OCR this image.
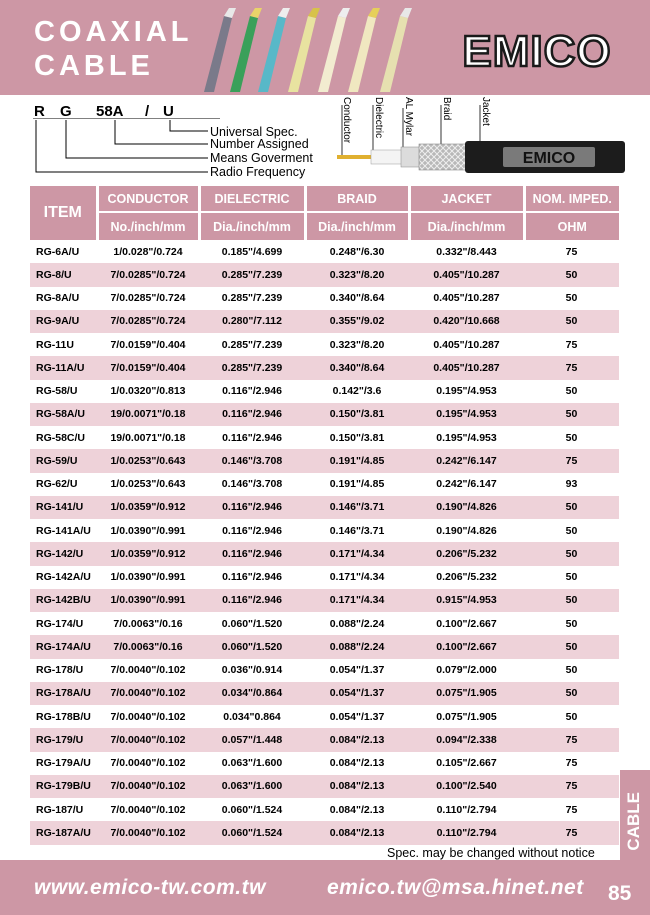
COAXIAL
CABLE	EMICO
R G 58A / U
Universal Spec.
Number Assigned
Means Goverment
Radio Frequency
Conductor Dielectric AL Mylar	Braid	Jacket
EMICO
ITEM	CONDUCTOR	DIELECTRIC	BRAID	JACKET	NOM. IMPED.
	No./inch/mm	Dia./inch/mm	Dia./inch/mm	Dia./inch/mm	OHM
RG-6A/U	1/0.028"/0.724	0.185"/4.699	0.248"/6.30	0.332"/8.443	75
RG-8/U	7/0.0285"/0.724	0.285"/7.239	0.323"/8.20	0.405"/10.287	50
RG-8A/U	7/0.0285"/0.724	0.285"/7.239	0.340"/8.64	0.405"/10.287	50
RG-9A/U	7/0.0285"/0.724	0.280"/7.112	0.355"/9.02	0.420"/10.668	50
RG-11U	7/0.0159"/0.404	0.285"/7.239	0.323"/8.20	0.405"/10.287	75
RG-11A/U	7/0.0159"/0.404	0.285"/7.239	0.340"/8.64	0.405"/10.287	75
RG-58/U	1/0.0320"/0.813	0.116"/2.946	0.142"/3.6	0.195"/4.953	50
RG-58A/U	19/0.0071"/0.18	0.116"/2.946	0.150"/3.81	0.195"/4.953	50
RG-58C/U	19/0.0071"/0.18	0.116"/2.946	0.150"/3.81	0.195"/4.953	50
RG-59/U	1/0.0253"/0.643	0.146"/3.708	0.191"/4.85	0.242"/6.147	75
RG-62/U	1/0.0253"/0.643	0.146"/3.708	0.191"/4.85	0.242"/6.147	93
RG-141/U	1/0.0359"/0.912	0.116"/2.946	0.146"/3.71	0.190"/4.826	50
RG-141A/U	1/0.0390"/0.991	0.116"/2.946	0.146"/3.71	0.190"/4.826	50
RG-142/U	1/0.0359"/0.912	0.116"/2.946	0.171"/4.34	0.206"/5.232	50
RG-142A/U	1/0.0390"/0.991	0.116"/2.946	0.171"/4.34	0.206"/5.232	50
RG-142B/U	1/0.0390"/0.991	0.116"/2.946	0.171"/4.34	0.915"/4.953	50
RG-174/U	7/0.0063"/0.16	0.060"/1.520	0.088"/2.24	0.100"/2.667	50
RG-174A/U	7/0.0063"/0.16	0.060"/1.520	0.088"/2.24	0.100"/2.667	50
RG-178/U	7/0.0040"/0.102	0.036"/0.914	0.054"/1.37	0.079"/2.000	50
RG-178A/U	7/0.0040"/0.102	0.034"/0.864	0.054"/1.37	0.075"/1.905	50
RG-178B/U	7/0.0040"/0.102	0.034"0.864	0.054"/1.37	0.075"/1.905	50
RG-179/U	7/0.0040"/0.102	0.057"/1.448	0.084"/2.13	0.094"/2.338	75
RG-179A/U	7/0.0040"/0.102	0.063"/1.600	0.084"/2.13	0.105"/2.667	75
RG-179B/U	7/0.0040"/0.102	0.063"/1.600	0.084"/2.13	0.100"/2.540	75
RG-187/U	7/0.0040"/0.102	0.060"/1.524	0.084"/2.13	0.110"/2.794	75
RG-187A/U	7/0.0040"/0.102	0.060"/1.524	0.084"/2.13	0.110"/2.794	75
Spec. may be changed without notice
CABLE
www.emico-tw.com.tw	emico.tw@msa.hinet.net 85
